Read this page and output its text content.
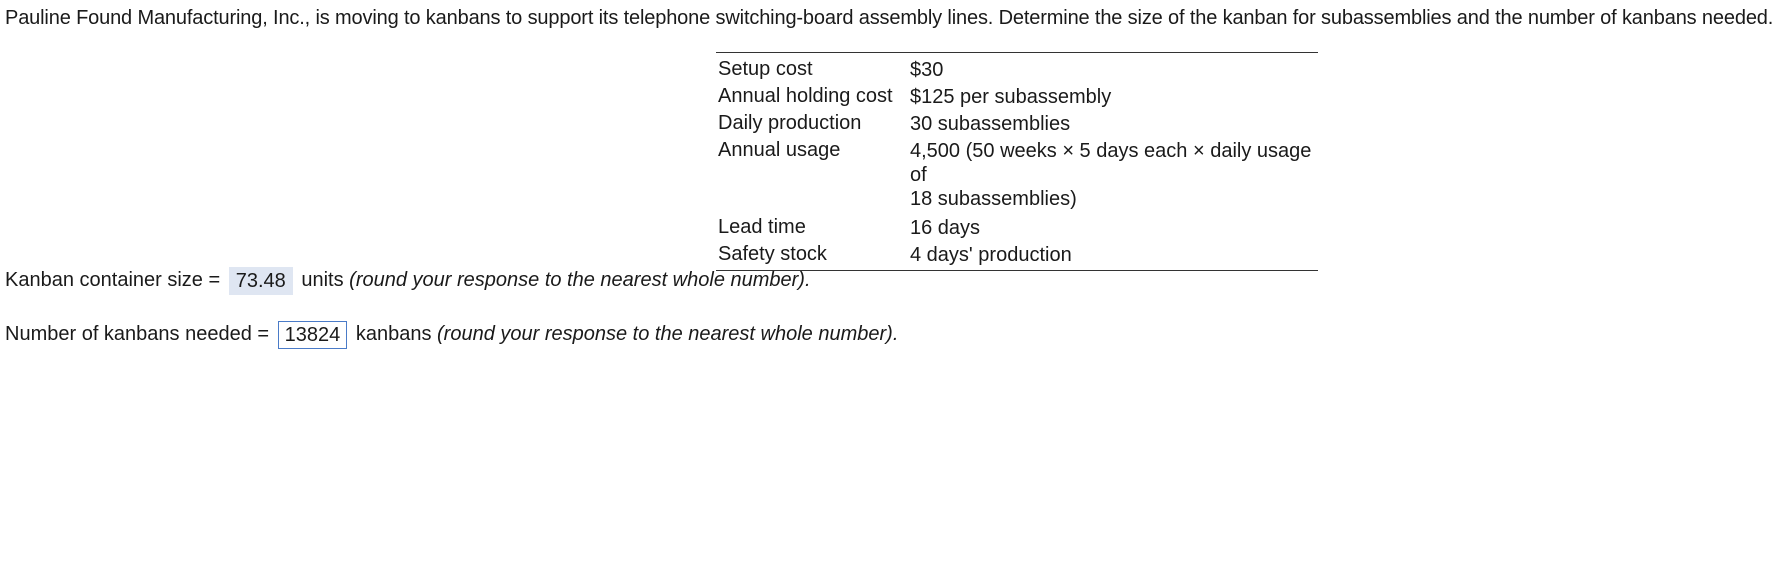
Pauline Found Manufacturing, Inc., is moving to kanbans to support its telephone switching-board assembly lines. Determine the size of the kanban for subassemblies and the number of kanbans needed.
Setup cost	$30
Annual holding cost $125 per subassembly
Daily production	30 subassemblies
Annual usage	4,500 (50 weeks × 5 days each × daily usage of
18 subassemblies)
Lead time	16 days
Safety stock	4 days' production
Kanban container size = 73.48 units (round your response to the nearest whole number).
Number of kanbans needed = 13824 kanbans (round your response to the nearest whole number).
